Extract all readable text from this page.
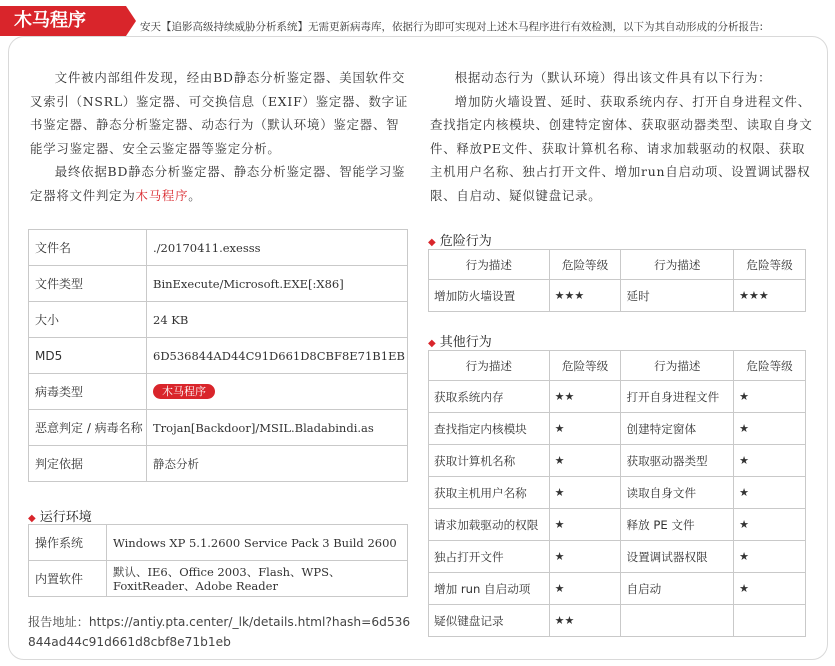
木马程序	安天【追影高级持续威胁分析系统】无需更新病毒库，依据行为即可实现对上述木马程序进行有效检测，以下为其自动形成的分析报告:

文件被内部组件发现，经由BD静态分析鉴定器、美国软件交叉索引（NSRL）鉴定器、可交换信息（EXIF）鉴定器、数字证书鉴定器、静态分析鉴定器、动态行为（默认环境）鉴定器、智能学习鉴定器、安全云鉴定器等鉴定分析。

最终依据BD静态分析鉴定器、静态分析鉴定器、智能学习鉴定器将文件判定为木马程序。

根据动态行为（默认环境）得出该文件具有以下行为：

增加防火墙设置、延时、获取系统内存、打开自身进程文件、查找指定内核模块、创建特定窗体、获取驱动器类型、读取自身文件、释放PE文件、获取计算机名称、请求加载驱动的权限、获取主机用户名称、独占打开文件、增加run自启动项、设置调试器权限、自启动、疑似键盘记录。

文件名	./20170411.exesss
文件类型	BinExecute/Microsoft.EXE[:X86]
大小	24 KB
MD5	6D536844AD44C91D661D8CBF8E71B1EB
病毒类型	木马程序
恶意判定 / 病毒名称	Trojan[Backdoor]/MSIL.Bladabindi.as
判定依据	静态分析
◆ 运行环境
操作系统	Windows XP 5.1.2600 Service Pack 3 Build 2600
内置软件	默认、IE6、Office 2003、Flash、WPS、FoxitReader、Adobe Reader
报告地址：https://antiy.pta.center/_lk/details.html?hash=6d536844ad44c91d661d8cbf8e71b1eb
◆ 危险行为
行为描述	危险等级	行为描述	危险等级
增加防火墙设置	★★★	延时	★★★
◆ 其他行为
行为描述	危险等级	行为描述	危险等级
获取系统内存	★★	打开自身进程文件	★
查找指定内核模块	★	创建特定窗体	★
获取计算机名称	★	获取驱动器类型	★
获取主机用户名称	★	读取自身文件	★
请求加载驱动的权限	★	释放 PE 文件	★
独占打开文件	★	设置调试器权限	★
增加 run 自启动项	★	自启动	★
疑似键盘记录	★★		
